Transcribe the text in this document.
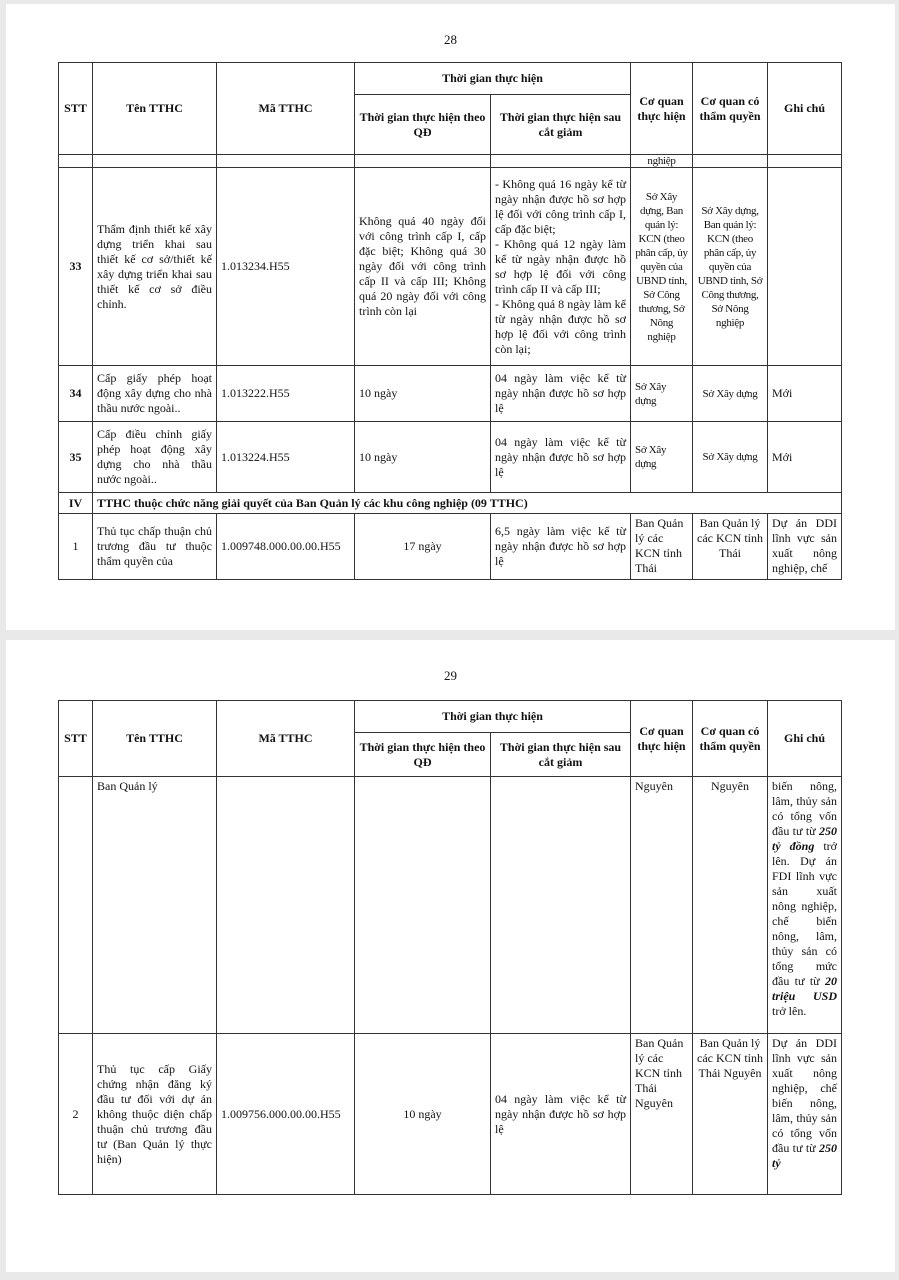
28
STT	Tên TTHC	Mã TTHC	Thời gian thực hiện		Cơ quan thực hiện	Cơ quan có thẩm quyền	Ghi chú
			Thời gian thực hiện theo QĐ	Thời gian thực hiện sau cắt giảm			
					nghiệp		
33	Thẩm định thiết kế xây dựng triển khai sau thiết kế cơ sở/thiết kế xây dựng triển khai sau thiết kế cơ sở điều chỉnh.	1.013234.H55	Không quá 40 ngày đối với công trình cấp I, cấp đặc biệt; Không quá 30 ngày đối với công trình cấp II và cấp III; Không quá 20 ngày đối với công trình còn lại	- Không quá 16 ngày kể từ ngày nhận được hồ sơ hợp lệ đối với công trình cấp I, cấp đặc biệt;
- Không quá 12 ngày làm kể từ ngày nhận được hồ sơ hợp lệ đối với công trình cấp II và cấp III;
- Không quá 8 ngày làm kể từ ngày nhận được hồ sơ hợp lệ đối với công trình còn lại;	Sở Xây dựng, Ban quản lý: KCN (theo phân cấp, ủy quyền của UBND tỉnh, Sở Công thương, Sở Nông nghiệp	Sở Xây dựng, Ban quản lý: KCN (theo phân cấp, ủy quyền của UBND tỉnh, Sở Công thương, Sở Nông nghiệp	
34	Cấp giấy phép hoạt động xây dựng cho nhà thầu nước ngoài..	1.013222.H55	10 ngày	04 ngày làm việc kể từ ngày nhận được hồ sơ hợp lệ	Sở Xây dựng	Sở Xây dựng	Mới
35	Cấp điều chỉnh giấy phép hoạt động xây dựng cho nhà thầu nước ngoài..	1.013224.H55	10 ngày	04 ngày làm việc kể từ ngày nhận được hồ sơ hợp lệ	Sở Xây dựng	Sở Xây dựng	Mới
IV	TTHC thuộc chức năng giải quyết của Ban Quản lý các khu công nghiệp (09 TTHC)						
1	Thủ tục chấp thuận chủ trương đầu tư thuộc thẩm quyền của	1.009748.000.00.00.H55	17 ngày	6,5 ngày làm việc kể từ ngày nhận được hồ sơ hợp lệ	Ban Quản lý các KCN tỉnh Thái	Ban Quản lý các KCN tỉnh Thái	Dự án DDI lĩnh vực sản xuất nông nghiệp, chế
29
STT	Tên TTHC	Mã TTHC	Thời gian thực hiện		Cơ quan thực hiện	Cơ quan có thẩm quyền	Ghi chú
			Thời gian thực hiện theo QĐ	Thời gian thực hiện sau cắt giảm			
	Ban Quản lý				Nguyên	Nguyên	biến nông, lâm, thủy sản có tổng vốn đầu tư từ 250 tỷ đồng trở lên. Dự án FDI lĩnh vực sản xuất nông nghiệp, chế biến nông, lâm, thủy sản có tổng mức đầu tư từ 20 triệu USD trở lên.
2	Thủ tục cấp Giấy chứng nhận đăng ký đầu tư đối với dự án không thuộc diện chấp thuận chủ trương đầu tư (Ban Quản lý thực hiện)	1.009756.000.00.00.H55	10 ngày	04 ngày làm việc kể từ ngày nhận được hồ sơ hợp lệ	Ban Quản lý các KCN tỉnh Thái Nguyên	Ban Quản lý các KCN tỉnh Thái Nguyên	Dự án DDI lĩnh vực sản xuất nông nghiệp, chế biến nông, lâm, thủy sản có tổng vốn đầu tư từ 250 tỷ
